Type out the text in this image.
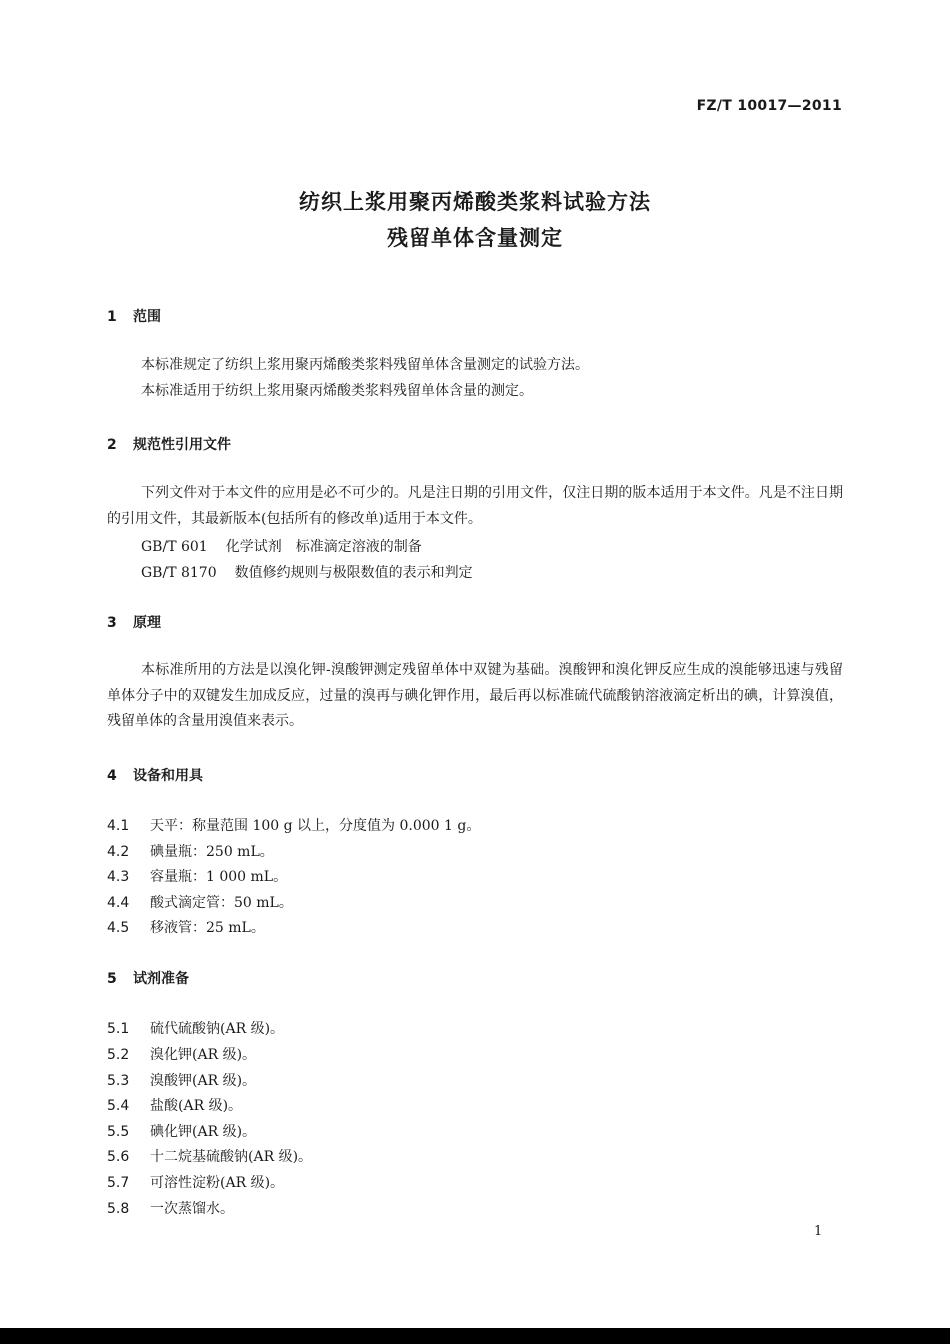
FZ/T 10017—2011
纺织上浆用聚丙烯酸类浆料试验方法
残留单体含量测定
1 范围
本标准规定了纺织上浆用聚丙烯酸类浆料残留单体含量测定的试验方法。
本标准适用于纺织上浆用聚丙烯酸类浆料残留单体含量的测定。
2 规范性引用文件
下列文件对于本文件的应用是必不可少的。凡是注日期的引用文件，仅注日期的版本适用于本文件。凡是不注日期的引用文件，其最新版本(包括所有的修改单)适用于本文件。
GB/T 601 化学试剂　标准滴定溶液的制备
GB/T 8170 数值修约规则与极限数值的表示和判定
3 原理
本标准所用的方法是以溴化钾-溴酸钾测定残留单体中双键为基础。溴酸钾和溴化钾反应生成的溴能够迅速与残留单体分子中的双键发生加成反应，过量的溴再与碘化钾作用，最后再以标准硫代硫酸钠溶液滴定析出的碘，计算溴值，残留单体的含量用溴值来表示。
4 设备和用具
4.1 天平：称量范围 100 g 以上，分度值为 0.000 1 g。
4.2 碘量瓶：250 mL。
4.3 容量瓶：1 000 mL。
4.4 酸式滴定管：50 mL。
4.5 移液管：25 mL。
5 试剂准备
5.1 硫代硫酸钠(AR 级)。
5.2 溴化钾(AR 级)。
5.3 溴酸钾(AR 级)。
5.4 盐酸(AR 级)。
5.5 碘化钾(AR 级)。
5.6 十二烷基硫酸钠(AR 级)。
5.7 可溶性淀粉(AR 级)。
5.8 一次蒸馏水。
1
